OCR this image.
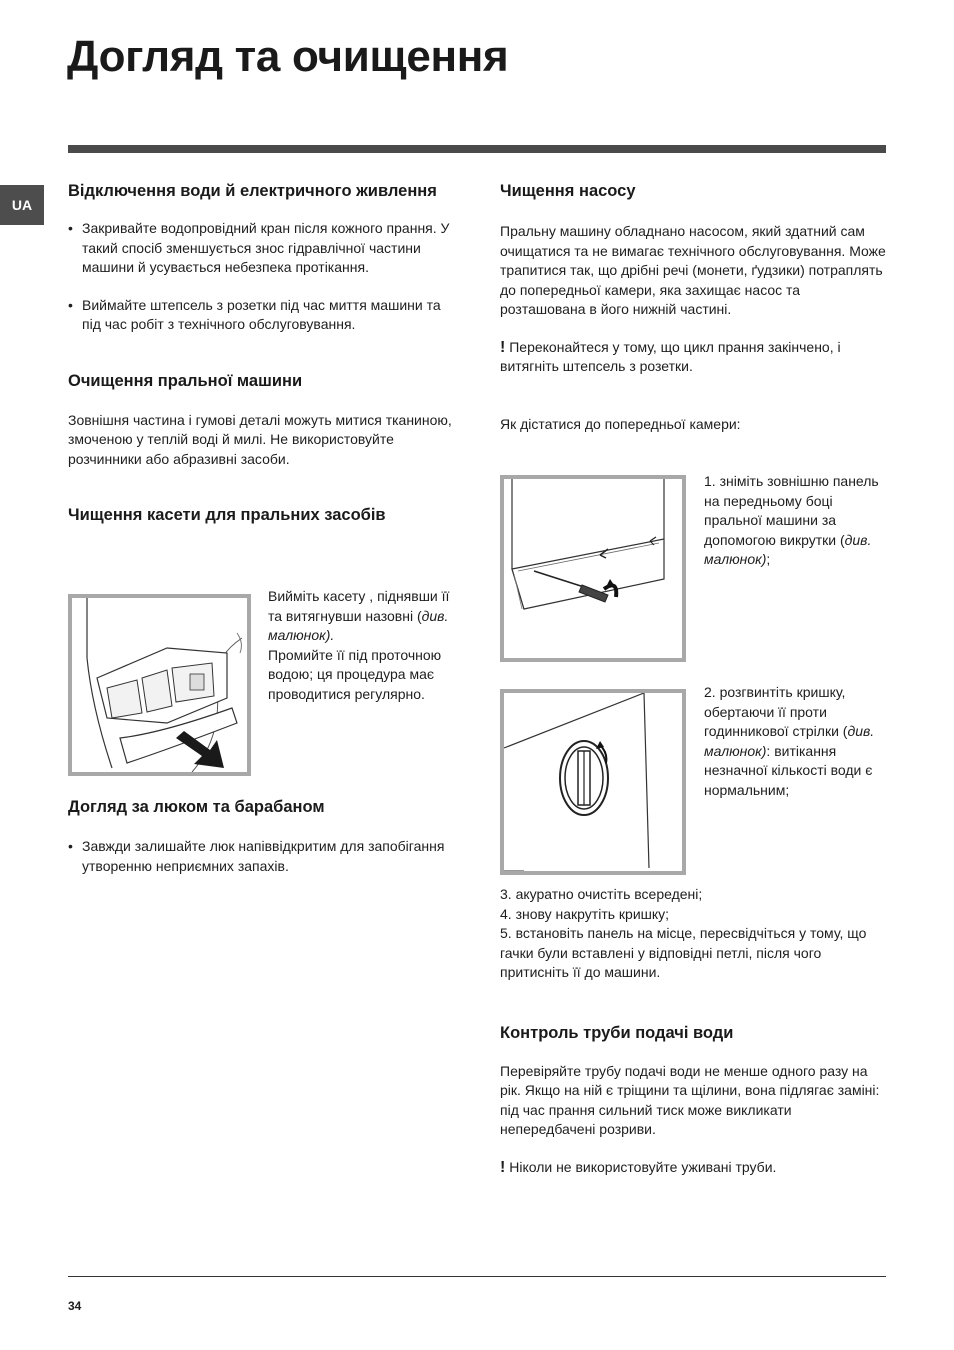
Догляд та очищення
UA
Відключення води й електричного живлення
• Закривайте водопровідний кран після кожного прання. У такий спосіб зменшується знос гідравлічної частини машини й усувається небезпека протікання.
• Виймайте штепсель з розетки під час миття машини та під час робіт з технічного обслуговування.
Очищення пральної машини

Зовнішня частина і гумові деталі можуть митися тканиною, змоченою у теплій воді й милі. Не використовуйте розчинники або абразивні засоби.

Чищення касети для пральних засобів
Вийміть касету , піднявши її та витягнувши назовні (див. малюнок).
Промийте її під проточною водою; ця процедура має проводитися регулярно.
Догляд за люком та барабаном
• Завжди залишайте люк напіввідкритим для запобігання утворенню неприємних запахів.
Чищення насосу

Пральну машину обладнано насосом, який здатний сам очищатися та не вимагає технічного обслуговування. Може трапитися так, що дрібні речі (монети, ґудзики) потраплять до попередньої камери, яка захищає насос та розташована в його нижній частині.

! Переконайтеся у тому, що цикл прання закінчено, і витягніть штепсель з розетки.

Як дістатися до попередньої камери:

1. зніміть зовнішню панель на передньому боці пральної машини за допомогою викрутки (див. малюнок);
2. розгвинтіть кришку, обертаючи її проти годинникової стрілки (див. малюнок): витікання незначної кількості води є нормальним;

3. акуратно очистіть всередені;

4. знову накрутіть кришку;

5. встановіть панель на місце, пересвідчіться у тому, що гачки були вставлені у відповідні петлі, після чого притисніть її до машини.

Контроль труби подачі води

Перевіряйте трубу подачі води не менше одного разу на рік. Якщо на ній є тріщини та щілини, вона підлягає заміні: під час прання сильний тиск може викликати непередбачені розриви.

! Ніколи не використовуйте уживані труби.

34
